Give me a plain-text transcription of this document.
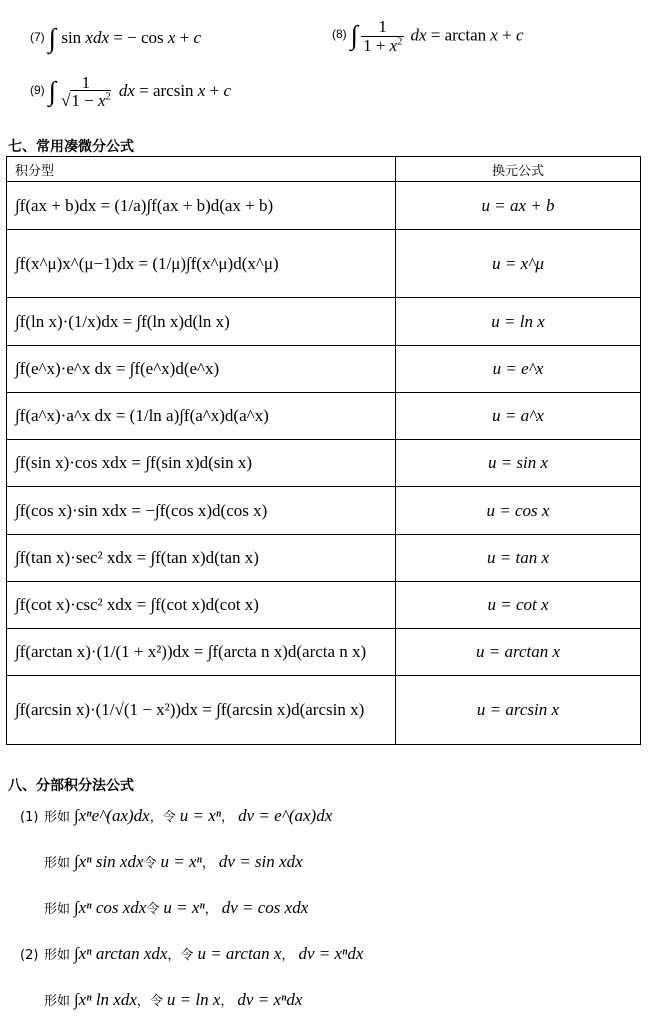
(7) ∫ sin xdx = − cos x + c	(8) ∫ $\frac{1}{1 + x^2}$ dx = arctan x + c
(9) ∫	1
$√1 - x^2$ dx = arcsin x + c
七、常用凑微分公式
积分型	换元公式
∫f(ax + b)dx = (1/a)∫f(ax + b)d(ax + b)	u = ax + b
∫f(x^μ)x^(μ−1)dx = (1/μ)∫f(x^μ)d(x^μ)	u = x^μ
∫f(ln x)·(1/x)dx = ∫f(ln x)d(ln x)	u = ln x
∫f(e^x)·e^x dx = ∫f(e^x)d(e^x)	u = e^x
∫f(a^x)·a^x dx = (1/ln a)∫f(a^x)d(a^x)	u = a^x
∫f(sin x)·cos xdx = ∫f(sin x)d(sin x)	u = sin x
∫f(cos x)·sin xdx = −∫f(cos x)d(cos x)	u = cos x
∫f(tan x)·sec² xdx = ∫f(tan x)d(tan x)	u = tan x
∫f(cot x)·csc² xdx = ∫f(cot x)d(cot x)	u = cot x
∫f(arctan x)·(1/(1 + x²))dx = ∫f(arcta n x)d(arcta n x)	u = arctan x
∫f(arcsin x)·(1/√(1 − x²))dx = ∫f(arcsin x)d(arcsin x)	u = arcsin x
八、分部积分法公式
(1) 形如 ∫xⁿe^(ax)dx，令 u = xⁿ， dv = e^(ax)dx
形如 ∫xⁿ sin xdx令 u = xⁿ， dv = sin xdx
形如 ∫xⁿ cos xdx令 u = xⁿ， dv = cos xdx
(2) 形如 ∫xⁿ arctan xdx，令 u = arctan x， dv = xⁿdx
形如 ∫xⁿ ln xdx，令 u = ln x， dv = xⁿdx
